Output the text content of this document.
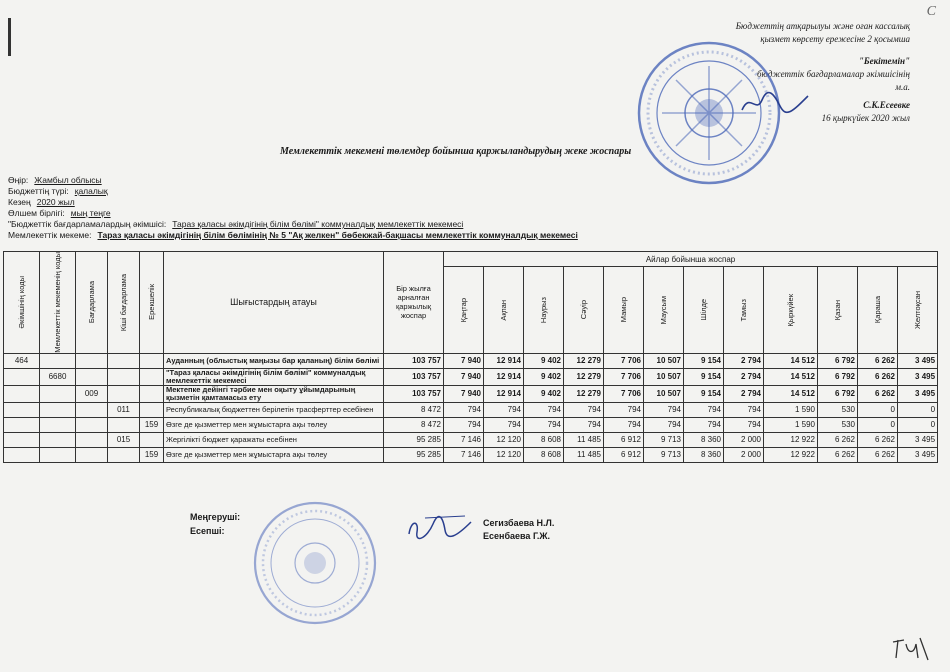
С
Бюджеттің атқарылуы және оған кассалық
қызмет көрсету ережесіне 2 қосымша
"Бекітемін"
бюджеттік бағдарламалар әкімшісінің
м.а.
С.К.Есеевке
16 қыркүйек 2020 жыл
Мемлекеттік мекемені төлемдер бойынша қаржыландырудың жеке жоспары
Өңір: Жамбыл облысы
Бюджеттің түрі: қалалық
Кезең 2020 жыл
Өлшем бірлігі: мың теңге
"Бюджеттік бағдарламалардың әкімшісі: Тараз қаласы әкімдігінің білім бөлімі" коммуналдық мемлекеттік мекемесі
Мемлекеттік мекеме: Тараз қаласы әкімдігінің білім бөлімінің № 5 "Ақ желкен" бөбекжай-бақшасы мемлекеттік коммуналдық мекемесі
Әкімшінің коды	Мемлекеттік мекеменің коды	Бағдарлама	Кіші бағдарлама	Ерекшелік	Шығыстардың атауы	Бір жылға арналған қаржылық жоспар	Айлар бойынша жоспар											

							Қаңтар	Ақпан	Наурыз	Сәуір	Мамыр	Маусым	Шілде	Тамыз	Қыркүйек	Қазан	Қараша	Желтоқсан

464					Ауданның (облыстық маңызы бар қаланың) білім бөлімі	103 757	7 940	12 914	9 402	12 279	7 706	10 507	9 154	2 794	14 512	6 792	6 262	3 495
	6680				"Тараз қаласы әкімдігінің білім бөлімі" коммуналдық мемлекеттік мекемесі	103 757	7 940	12 914	9 402	12 279	7 706	10 507	9 154	2 794	14 512	6 792	6 262	3 495
		009			Мектепке дейінгі тәрбие мен оқыту ұйымдарының қызметін қамтамасыз ету	103 757	7 940	12 914	9 402	12 279	7 706	10 507	9 154	2 794	14 512	6 792	6 262	3 495
			011		Республикалық бюджеттен берілетін трасферттер есебінен	8 472	794	794	794	794	794	794	794	794	1 590	530	0	0
				159	Өзге де қызметтер мен жұмыстарға ақы төлеу	8 472	794	794	794	794	794	794	794	794	1 590	530	0	0
			015		Жергілікті бюджет қаражаты есебінен	95 285	7 146	12 120	8 608	11 485	6 912	9 713	8 360	2 000	12 922	6 262	6 262	3 495
				159	Өзге де қызметтер мен жұмыстарға ақы төлеу	95 285	7 146	12 120	8 608	11 485	6 912	9 713	8 360	2 000	12 922	6 262	6 262	3 495
Меңгеруші:
Есепші:
Сегизбаева Н.Л.
Есенбаева Г.Ж.
